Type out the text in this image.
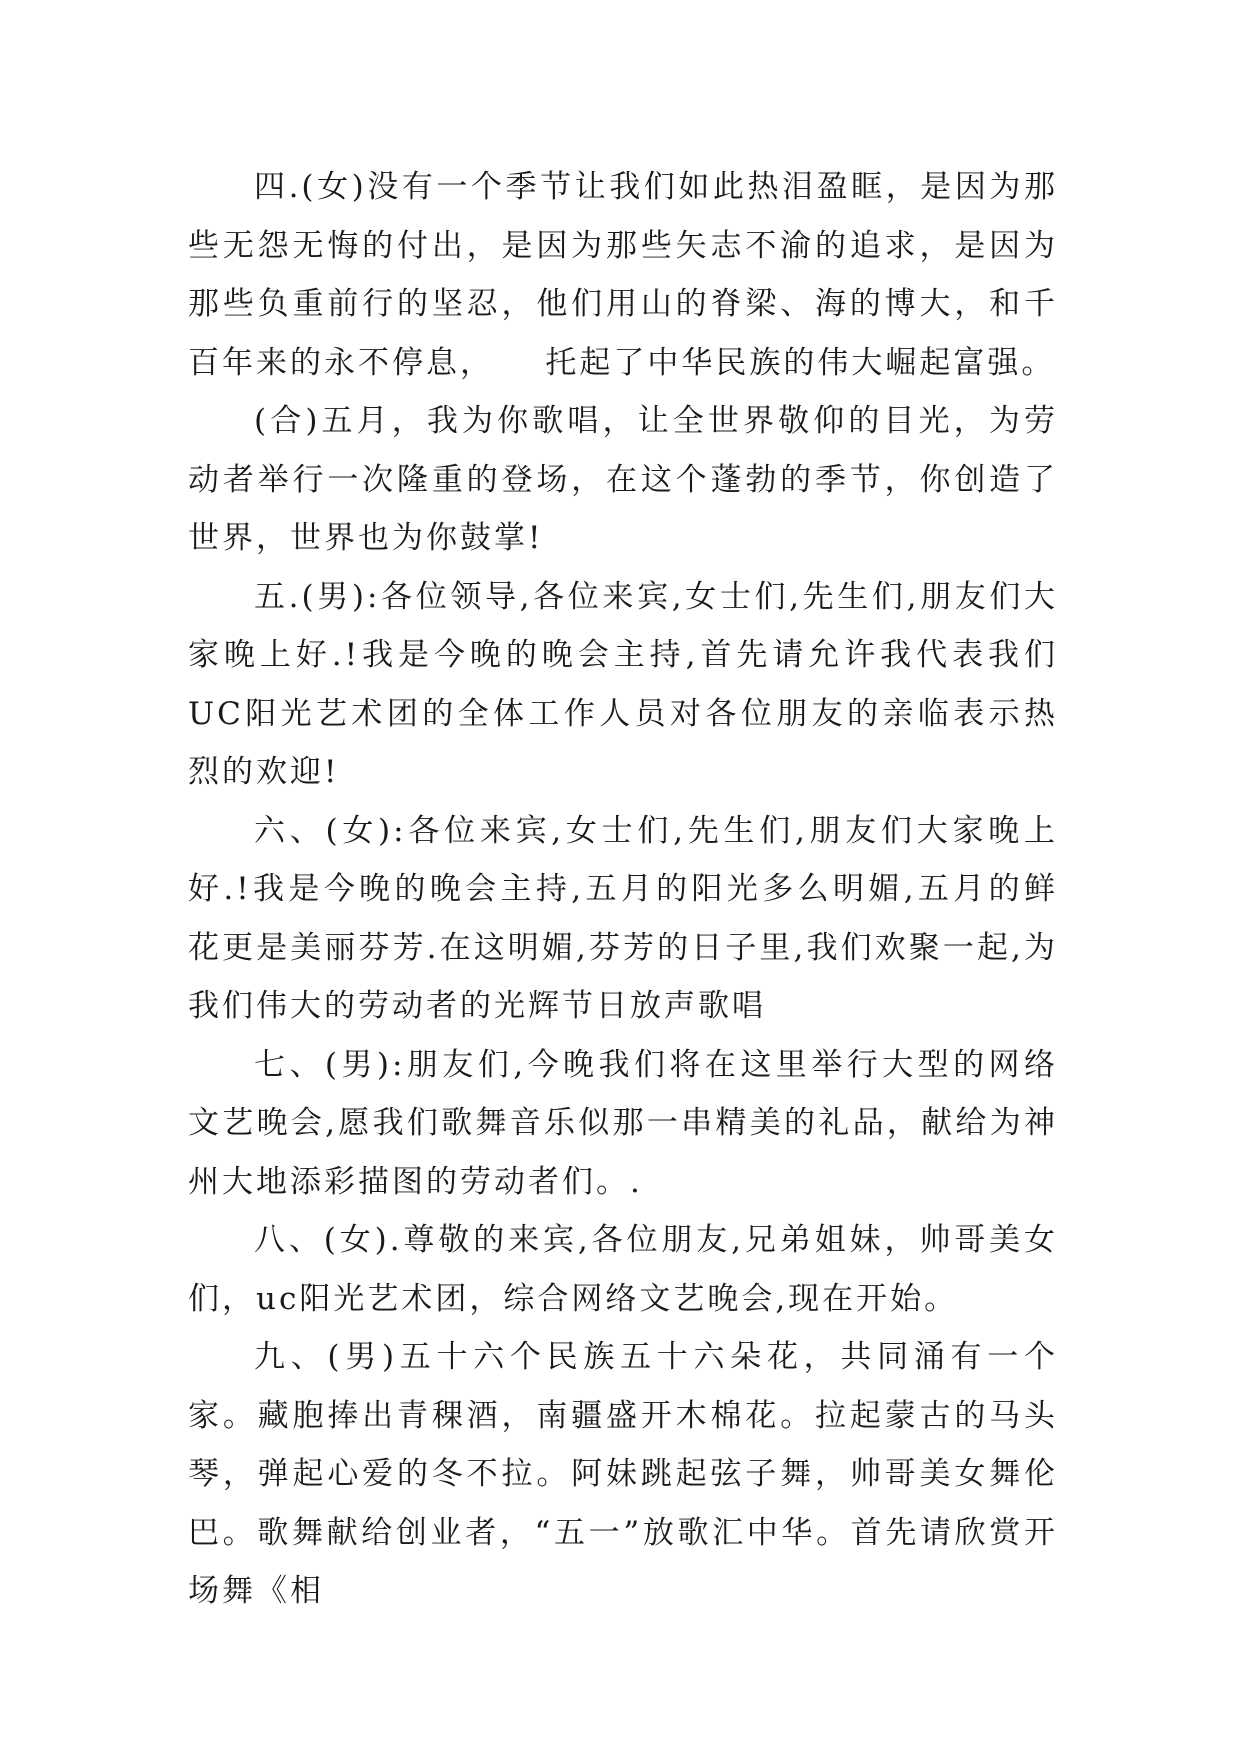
四.(女)没有一个季节让我们如此热泪盈眶，是因为那些无怨无悔的付出，是因为那些矢志不渝的追求，是因为那些负重前行的坚忍，他们用山的脊梁、海的博大，和千百年来的永不停息，    托起了中华民族的伟大崛起富强。

(合)五月，我为你歌唱，让全世界敬仰的目光，为劳动者举行一次隆重的登场，在这个蓬勃的季节，你创造了世界，世界也为你鼓掌!

五.(男):各位领导,各位来宾,女士们,先生们,朋友们大家晚上好.!我是今晚的晚会主持,首先请允许我代表我们UC阳光艺术团的全体工作人员对各位朋友的亲临表示热烈的欢迎!

六、(女):各位来宾,女士们,先生们,朋友们大家晚上好.!我是今晚的晚会主持,五月的阳光多么明媚,五月的鲜花更是美丽芬芳.在这明媚,芬芳的日子里,我们欢聚一起,为我们伟大的劳动者的光辉节日放声歌唱

七、(男):朋友们,今晚我们将在这里举行大型的网络文艺晚会,愿我们歌舞音乐似那一串精美的礼品，献给为神州大地添彩描图的劳动者们。.

八、(女).尊敬的来宾,各位朋友,兄弟姐妹，帅哥美女们，uc阳光艺术团，综合网络文艺晚会,现在开始。

九、(男)五十六个民族五十六朵花，共同涌有一个家。藏胞捧出青稞酒，南疆盛开木棉花。拉起蒙古的马头琴，弹起心爱的冬不拉。阿妹跳起弦子舞，帅哥美女舞伦巴。歌舞献给创业者，“五一”放歌汇中华。首先请欣赏开场舞《相
